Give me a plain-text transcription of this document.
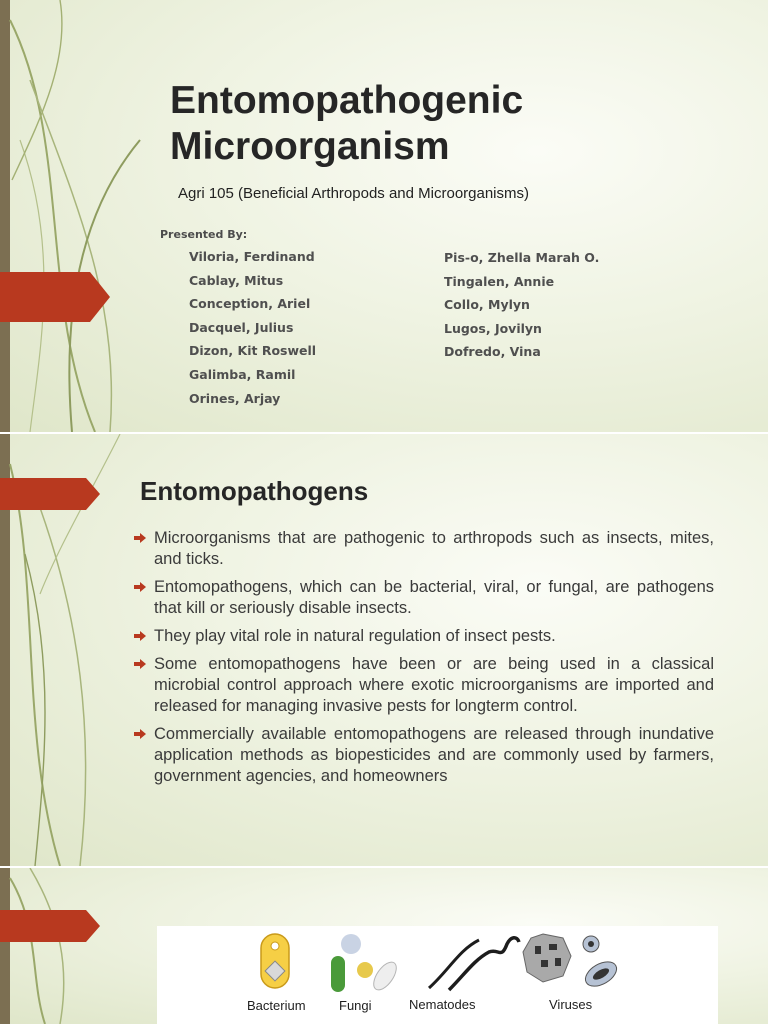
Entomopathogenic
Microorganism
Agri 105 (Beneficial Arthropods and Microorganisms)
Presented By:
Viloria, Ferdinand
Cablay, Mitus
Conception, Ariel
Dacquel, Julius
Dizon, Kit Roswell
Galimba, Ramil
Orines, Arjay
Pis-o, Zhella Marah O.
Tingalen, Annie
Collo, Mylyn
Lugos, Jovilyn
Dofredo, Vina
Entomopathogens
Microorganisms that are pathogenic to arthropods such as insects, mites, and ticks.
Entomopathogens, which can be bacterial, viral, or fungal, are pathogens that kill or seriously disable insects.
They play vital role in natural regulation of insect pests.
Some entomopathogens have been or are being used in a classical microbial control approach where exotic microorganisms are imported and released for managing invasive pests for longterm control.
Commercially available entomopathogens are released through inundative application methods as biopesticides and are commonly used by farmers, government agencies, and homeowners
Bacterium	Fungi	Nematodes	Viruses
